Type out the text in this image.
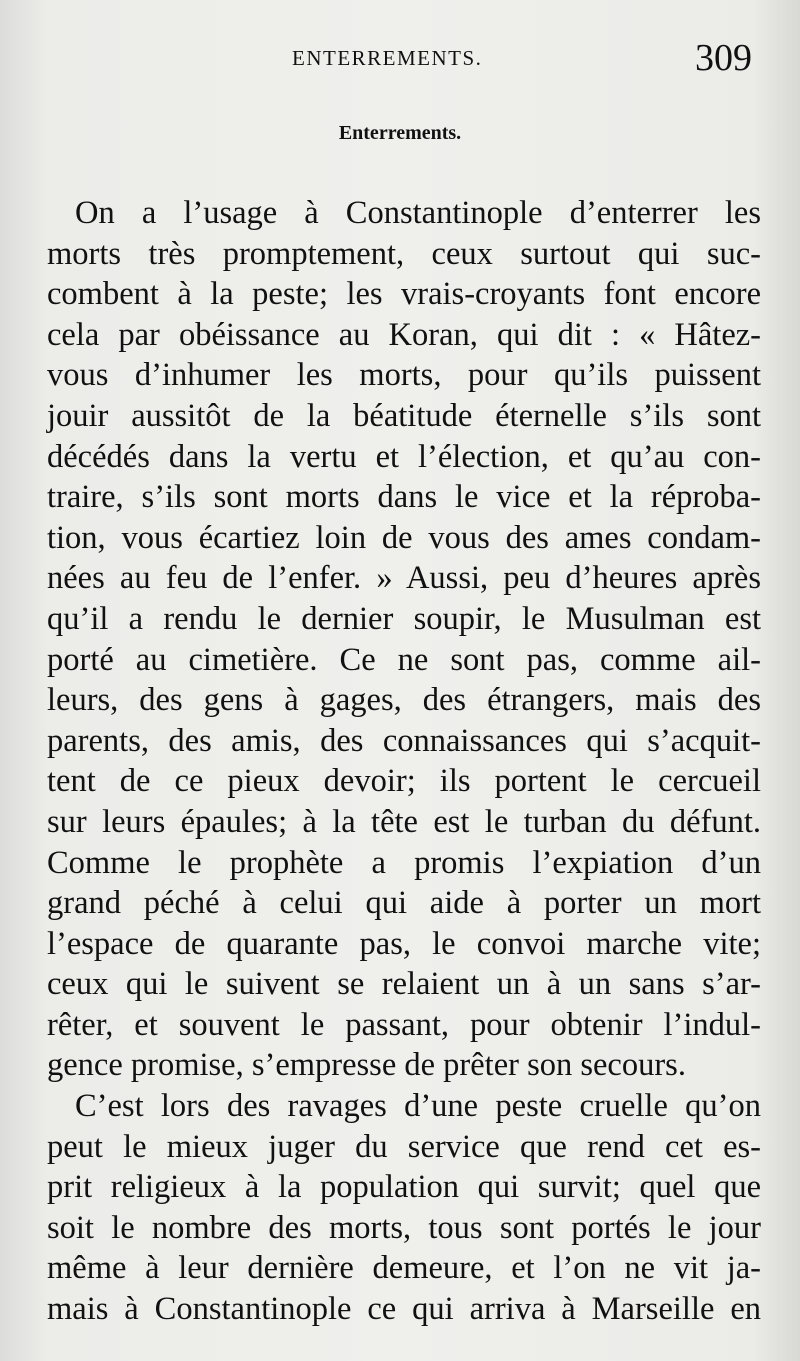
ENTERREMENTS.	309
Enterrements.
On a l’usage à Constantinople d’enterrer les
morts très promptement, ceux surtout qui suc-
combent à la peste; les vrais-croyants font encore
cela par obéissance au Koran, qui dit : « Hâtez-
vous d’inhumer les morts, pour qu’ils puissent
jouir aussitôt de la béatitude éternelle s’ils sont
décédés dans la vertu et l’élection, et qu’au con-
traire, s’ils sont morts dans le vice et la réproba-
tion, vous écartiez loin de vous des ames condam-
nées au feu de l’enfer. » Aussi, peu d’heures après
qu’il a rendu le dernier soupir, le Musulman est
porté au cimetière. Ce ne sont pas, comme ail-
leurs, des gens à gages, des étrangers, mais des
parents, des amis, des connaissances qui s’acquit-
tent de ce pieux devoir; ils portent le cercueil
sur leurs épaules; à la tête est le turban du défunt.
Comme le prophète a promis l’expiation d’un
grand péché à celui qui aide à porter un mort
l’espace de quarante pas, le convoi marche vite;
ceux qui le suivent se relaient un à un sans s’ar-
rêter, et souvent le passant, pour obtenir l’indul-
gence promise, s’empresse de prêter son secours.
C’est lors des ravages d’une peste cruelle qu’on
peut le mieux juger du service que rend cet es-
prit religieux à la population qui survit; quel que
soit le nombre des morts, tous sont portés le jour
même à leur dernière demeure, et l’on ne vit ja-
mais à Constantinople ce qui arriva à Marseille en
